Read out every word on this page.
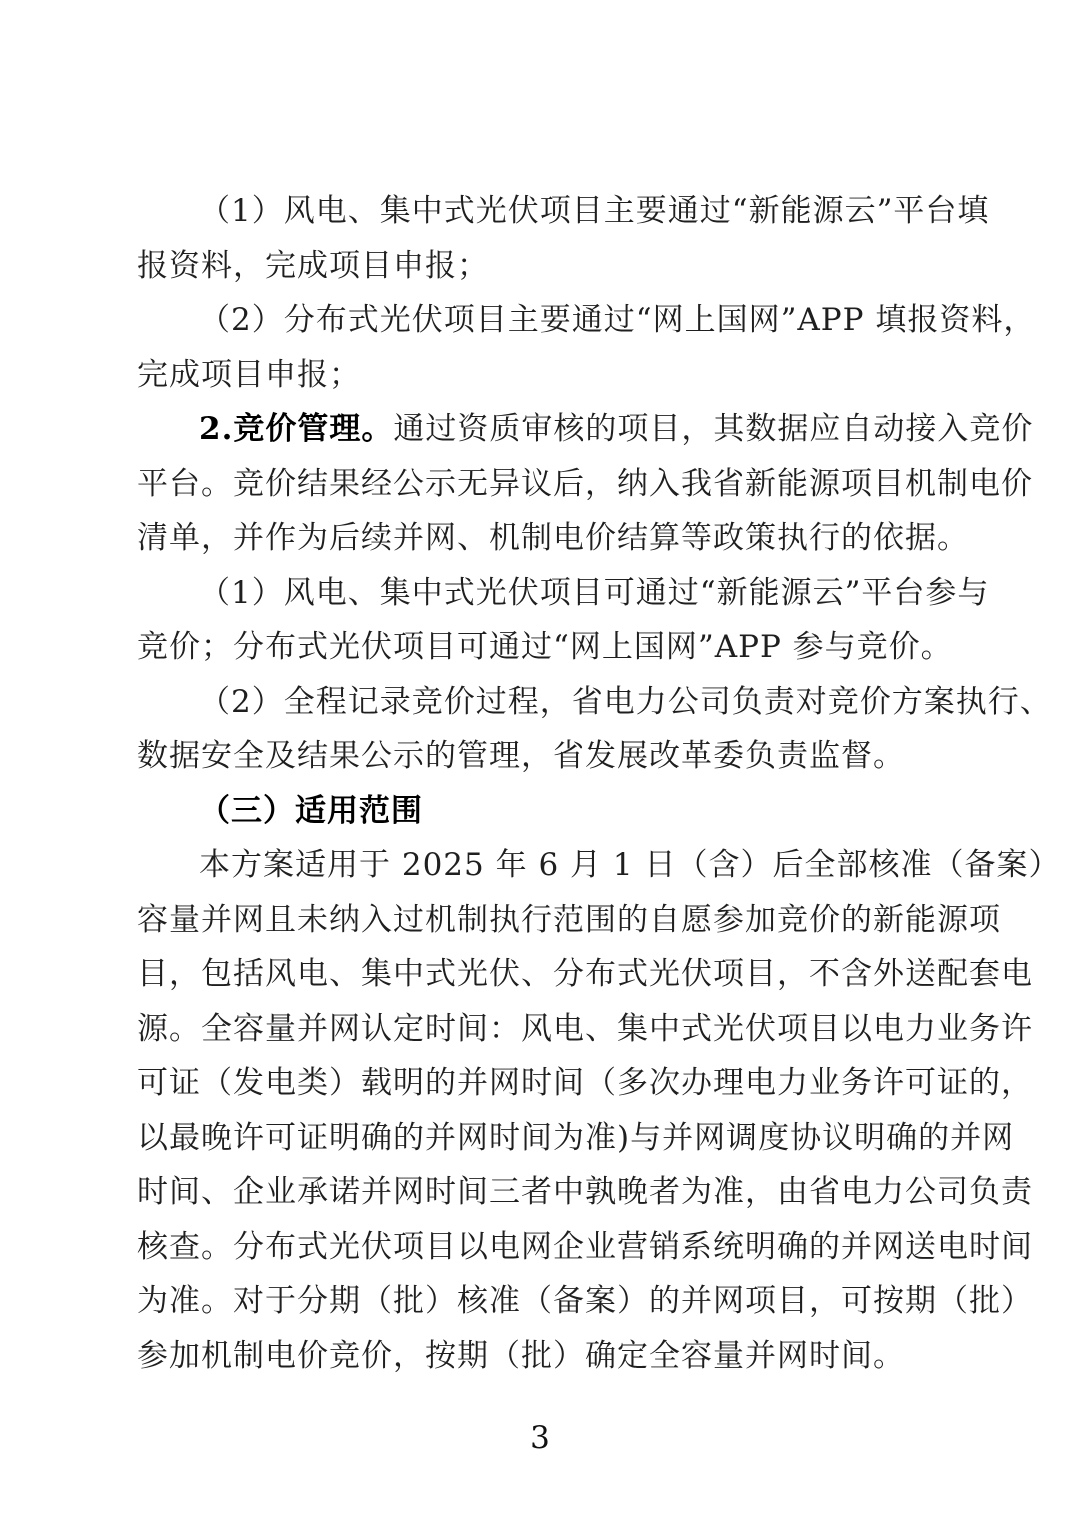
（1）风电、集中式光伏项目主要通过“新能源云”平台填
报资料，完成项目申报；
（2）分布式光伏项目主要通过“网上国网”APP 填报资料，
完成项目申报；
2.竞价管理。通过资质审核的项目，其数据应自动接入竞价
平台。竞价结果经公示无异议后，纳入我省新能源项目机制电价
清单，并作为后续并网、机制电价结算等政策执行的依据。
（1）风电、集中式光伏项目可通过“新能源云”平台参与
竞价；分布式光伏项目可通过“网上国网”APP 参与竞价。
（2）全程记录竞价过程，省电力公司负责对竞价方案执行、
数据安全及结果公示的管理，省发展改革委负责监督。
（三）适用范围
本方案适用于 2025 年 6 月 1 日（含）后全部核准（备案）
容量并网且未纳入过机制执行范围的自愿参加竞价的新能源项
目，包括风电、集中式光伏、分布式光伏项目，不含外送配套电
源。全容量并网认定时间：风电、集中式光伏项目以电力业务许
可证（发电类）载明的并网时间（多次办理电力业务许可证的，
以最晚许可证明确的并网时间为准)与并网调度协议明确的并网
时间、企业承诺并网时间三者中孰晚者为准，由省电力公司负责
核查。分布式光伏项目以电网企业营销系统明确的并网送电时间
为准。对于分期（批）核准（备案）的并网项目，可按期（批）
参加机制电价竞价，按期（批）确定全容量并网时间。
3
